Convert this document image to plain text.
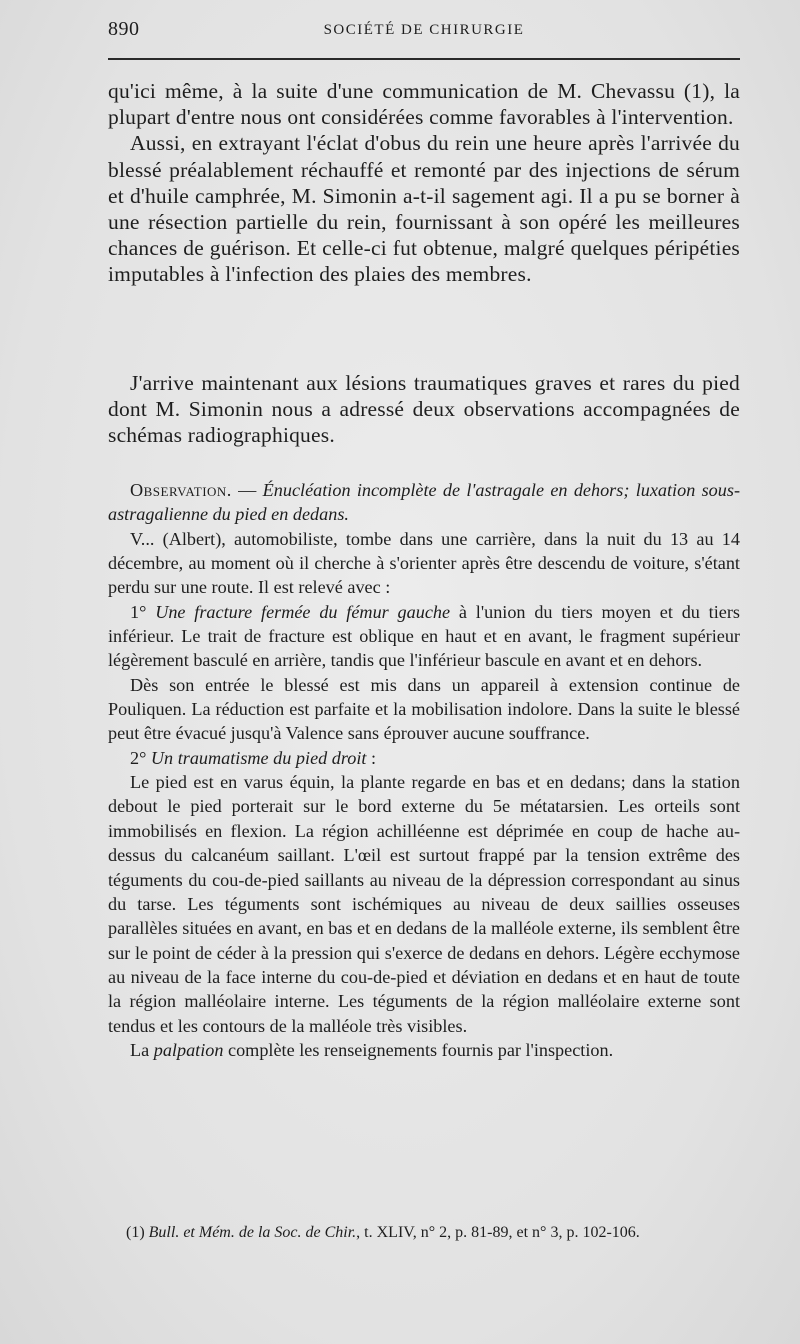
890	SOCIÉTÉ DE CHIRURGIE

qu'ici même, à la suite d'une communication de M. Chevassu (1), la plupart d'entre nous ont considérées comme favorables à l'intervention.

Aussi, en extrayant l'éclat d'obus du rein une heure après l'arrivée du blessé préalablement réchauffé et remonté par des injections de sérum et d'huile camphrée, M. Simonin a-t-il sagement agi. Il a pu se borner à une résection partielle du rein, fournissant à son opéré les meilleures chances de guérison. Et celle-ci fut obtenue, malgré quelques péripéties imputables à l'infection des plaies des membres.

J'arrive maintenant aux lésions traumatiques graves et rares du pied dont M. Simonin nous a adressé deux observations accompagnées de schémas radiographiques.

Observation. — Énucléation incomplète de l'astragale en dehors; luxation sous-astragalienne du pied en dedans.

V... (Albert), automobiliste, tombe dans une carrière, dans la nuit du 13 au 14 décembre, au moment où il cherche à s'orienter après être descendu de voiture, s'étant perdu sur une route. Il est relevé avec :

1° Une fracture fermée du fémur gauche à l'union du tiers moyen et du tiers inférieur. Le trait de fracture est oblique en haut et en avant, le fragment supérieur légèrement basculé en arrière, tandis que l'inférieur bascule en avant et en dehors.

Dès son entrée le blessé est mis dans un appareil à extension continue de Pouliquen. La réduction est parfaite et la mobilisation indolore. Dans la suite le blessé peut être évacué jusqu'à Valence sans éprouver aucune souffrance.

2° Un traumatisme du pied droit :

Le pied est en varus équin, la plante regarde en bas et en dedans; dans la station debout le pied porterait sur le bord externe du 5e métatarsien. Les orteils sont immobilisés en flexion. La région achilléenne est déprimée en coup de hache au-dessus du calcanéum saillant. L'œil est surtout frappé par la tension extrême des téguments du cou-de-pied saillants au niveau de la dépression correspondant au sinus du tarse. Les téguments sont ischémiques au niveau de deux saillies osseuses parallèles situées en avant, en bas et en dedans de la malléole externe, ils semblent être sur le point de céder à la pression qui s'exerce de dedans en dehors. Légère ecchymose au niveau de la face interne du cou-de-pied et déviation en dedans et en haut de toute la région malléolaire interne. Les téguments de la région malléolaire externe sont tendus et les contours de la malléole très visibles.

La palpation complète les renseignements fournis par l'inspection.

(1) Bull. et Mém. de la Soc. de Chir., t. XLIV, n° 2, p. 81-89, et n° 3, p. 102-106.
